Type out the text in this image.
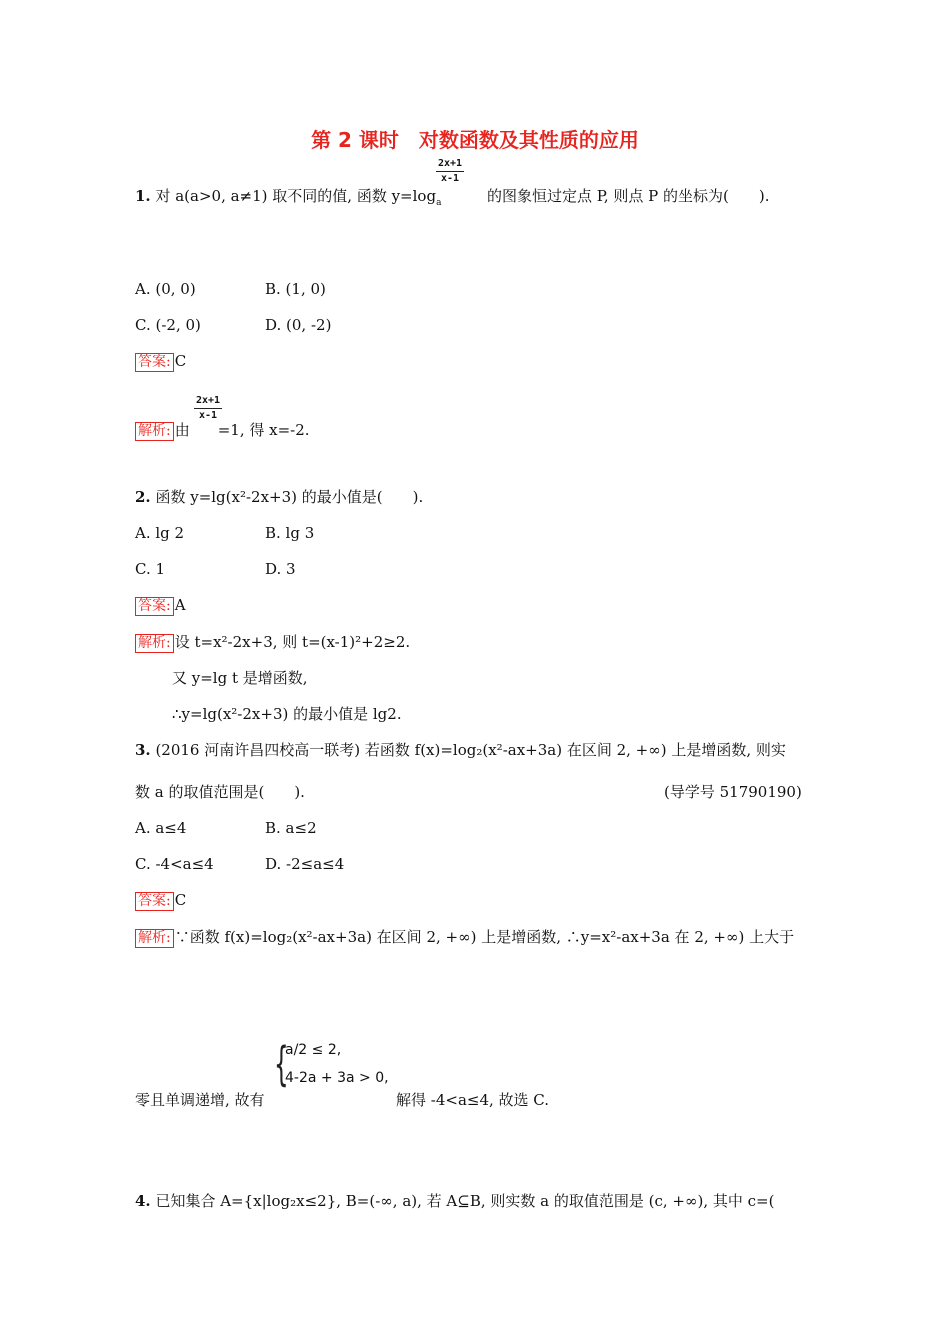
第 2 课时　对数函数及其性质的应用
1. 对 a(a>0, a≠1) 取不同的值, 函数 $y=\log_a$	的图象恒过定点 P, 则点 P 的坐标为(　　).
$\frac{2x+1}{x-1}$
A. (0, 0)	B. (1, 0)
C. (-2, 0)	D. (0, -2)
答案: C
解析: 由 =1, 得 x=-2.
$\frac{2x+1}{x-1}$
2. 函数 y=lg(x²-2x+3) 的最小值是(　　).
A. lg 2	B. lg 3
C. 1	D. 3
答案: A
解析: 设 t=x²-2x+3, 则 t=(x-1)²+2≥2.
又 y=lg t 是增函数,
∴y=lg(x²-2x+3) 的最小值是 lg2.
3. (2016 河南许昌四校高一联考) 若函数 f(x)=log₂(x²-ax+3a) 在区间 2, +∞) 上是增函数, 则实
数 a 的取值范围是(　　).	(导学号 51790190)
A. a≤4	B. a≤2
C. -4<a≤4	D. -2≤a≤4
答案: C
解析: ∵函数 f(x)=log₂(x²-ax+3a) 在区间 2, +∞) 上是增函数, ∴y=x²-ax+3a 在 2, +∞) 上大于
零且单调递增, 故有
{
a/2 ≤ 2,
4-2a + 3a > 0,
解得 -4<a≤4, 故选 C.
4. 已知集合 A={x|log₂x≤2}, B=(-∞, a), 若 A⊆B, 则实数 a 的取值范围是 (c, +∞), 其中 c=(
